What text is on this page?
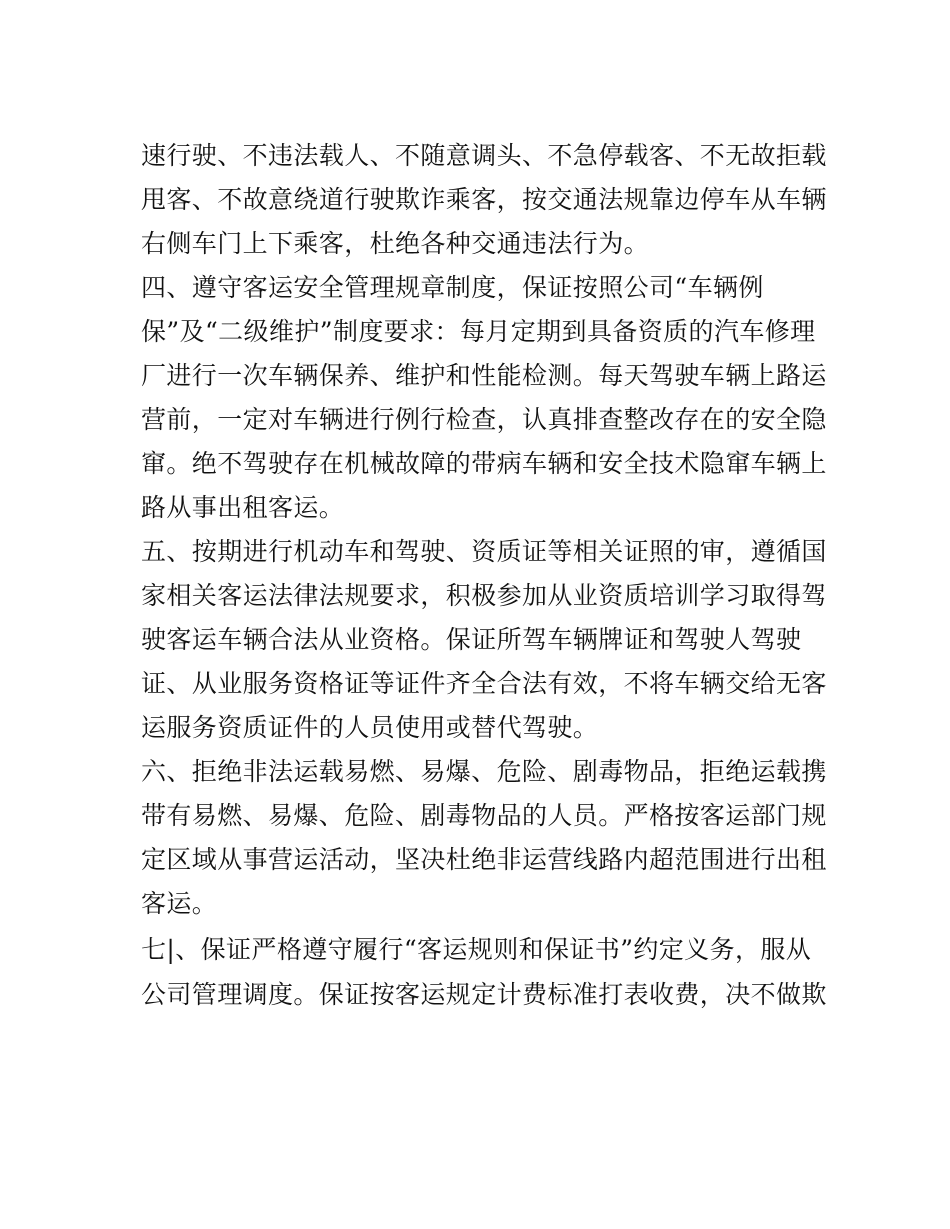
速行驶、不违法载人、不随意调头、不急停载客、不无故拒载

甩客、不故意绕道行驶欺诈乘客，按交通法规靠边停车从车辆

右侧车门上下乘客，杜绝各种交通违法行为。

四、遵守客运安全管理规章制度，保证按照公司“车辆例

保”及“二级维护”制度要求：每月定期到具备资质的汽车修理

厂进行一次车辆保养、维护和性能检测。每天驾驶车辆上路运

营前，一定对车辆进行例行检查，认真排查整改存在的安全隐

窜。绝不驾驶存在机械故障的带病车辆和安全技术隐窜车辆上

路从事出租客运。

五、按期进行机动车和驾驶、资质证等相关证照的审，遵循国

家相关客运法律法规要求，积极参加从业资质培训学习取得驾

驶客运车辆合法从业资格。保证所驾车辆牌证和驾驶人驾驶

证、从业服务资格证等证件齐全合法有效，不将车辆交给无客

运服务资质证件的人员使用或替代驾驶。

六、拒绝非法运载易燃、易爆、危险、剧毒物品，拒绝运载携

带有易燃、易爆、危险、剧毒物品的人员。严格按客运部门规

定区域从事营运活动，坚决杜绝非运营线路内超范围进行出租

客运。

七|、保证严格遵守履行“客运规则和保证书”约定义务，服从

公司管理调度。保证按客运规定计费标准打表收费，决不做欺
